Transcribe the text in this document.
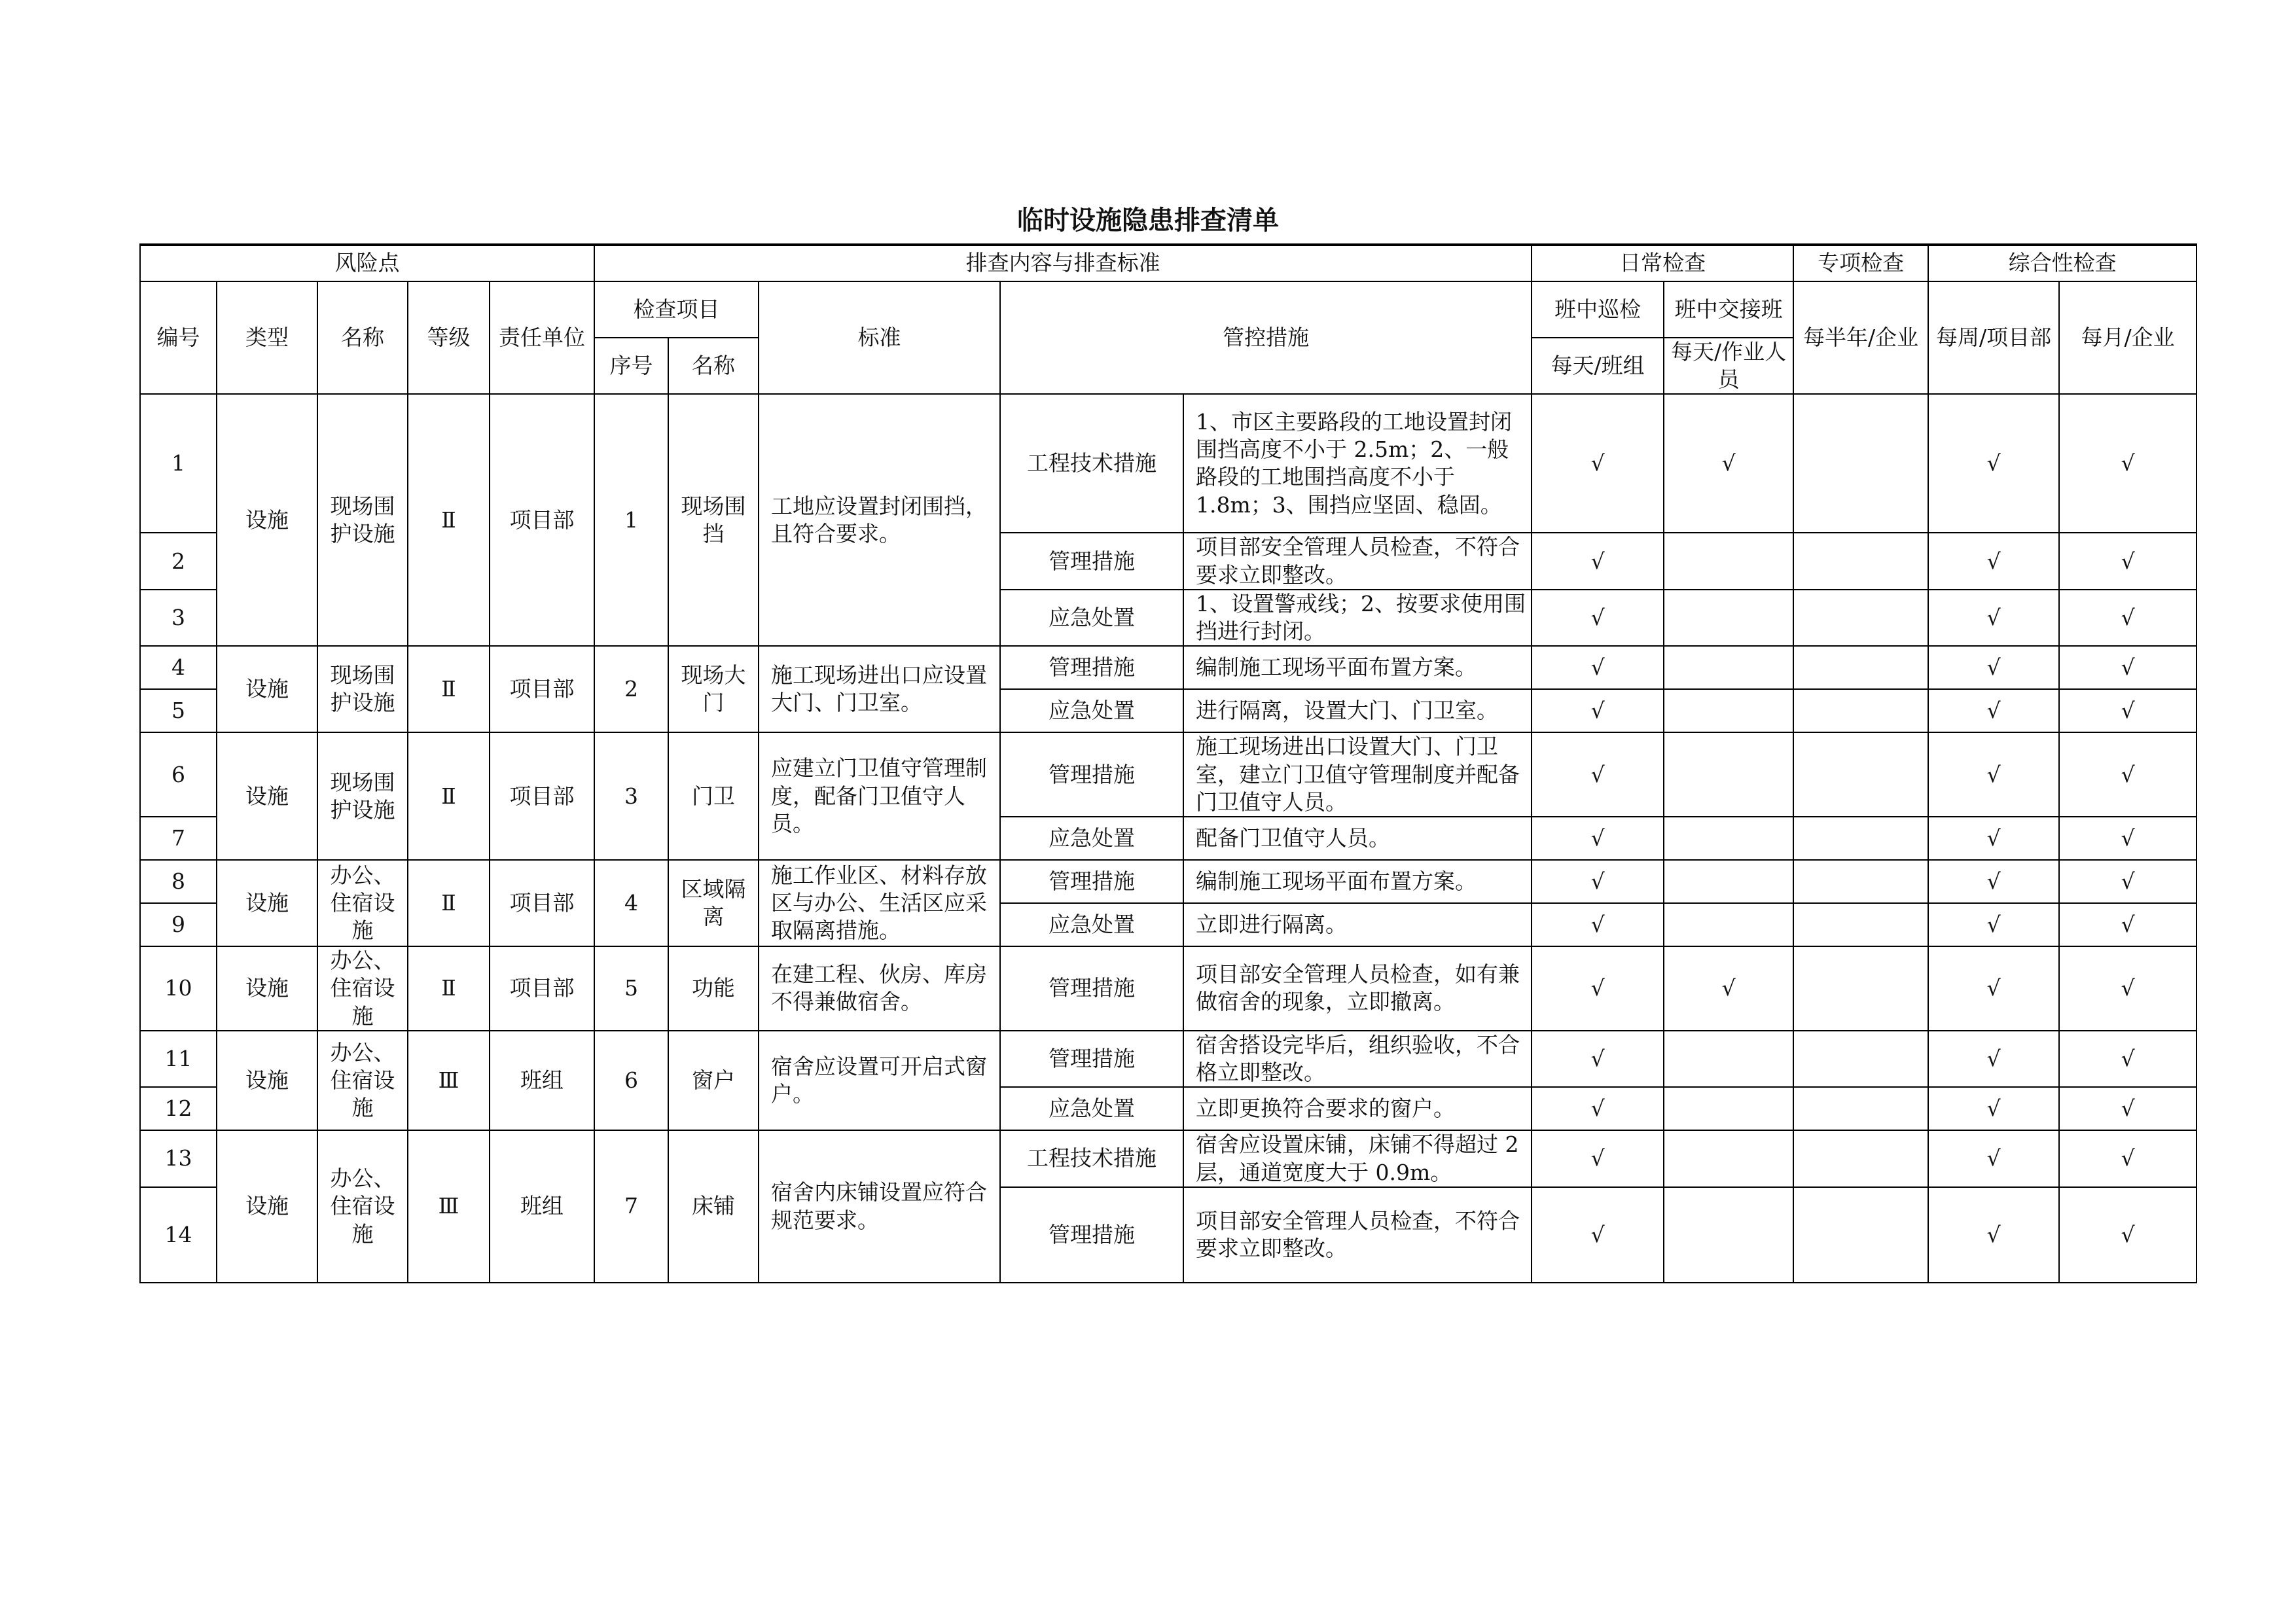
临时设施隐患排查清单
风险点					排查内容与排查标准					日常检查		专项检查	综合性检查	
编号	类型	名称	等级	责任单位	检查项目		标准	管控措施		班中巡检	班中交接班	每半年/企业	每周/项目部	每月/企业
					序号	名称				每天/班组	每天/作业人员			
1	设施	现场围护设施	Ⅱ	项目部	1	现场围挡	工地应设置封闭围挡，且符合要求。	工程技术措施	1、市区主要路段的工地设置封闭围挡高度不小于 2.5m；2、一般路段的工地围挡高度不小于 1.8m；3、围挡应坚固、稳固。	√	√		√	√
2								管理措施	项目部安全管理人员检查，不符合要求立即整改。	√			√	√
3								应急处置	1、设置警戒线；2、按要求使用围挡进行封闭。	√			√	√
4	设施	现场围护设施	Ⅱ	项目部	2	现场大门	施工现场进出口应设置大门、门卫室。	管理措施	编制施工现场平面布置方案。	√			√	√
5								应急处置	进行隔离，设置大门、门卫室。	√			√	√
6	设施	现场围护设施	Ⅱ	项目部	3	门卫	应建立门卫值守管理制度，配备门卫值守人员。	管理措施	施工现场进出口设置大门、门卫室，建立门卫值守管理制度并配备门卫值守人员。	√			√	√
7								应急处置	配备门卫值守人员。	√			√	√
8	设施	办公、住宿设施	Ⅱ	项目部	4	区域隔离	施工作业区、材料存放区与办公、生活区应采取隔离措施。	管理措施	编制施工现场平面布置方案。	√			√	√
9								应急处置	立即进行隔离。	√			√	√
10	设施	办公、住宿设施	Ⅱ	项目部	5	功能	在建工程、伙房、库房不得兼做宿舍。	管理措施	项目部安全管理人员检查，如有兼做宿舍的现象，立即撤离。	√	√		√	√
11	设施	办公、住宿设施	Ⅲ	班组	6	窗户	宿舍应设置可开启式窗户。	管理措施	宿舍搭设完毕后，组织验收，不合格立即整改。	√			√	√
12								应急处置	立即更换符合要求的窗户。	√			√	√
13	设施	办公、住宿设施	Ⅲ	班组	7	床铺	宿舍内床铺设置应符合规范要求。	工程技术措施	宿舍应设置床铺，床铺不得超过 2 层，通道宽度大于 0.9m。	√			√	√
14								管理措施	项目部安全管理人员检查，不符合要求立即整改。	√			√	√
